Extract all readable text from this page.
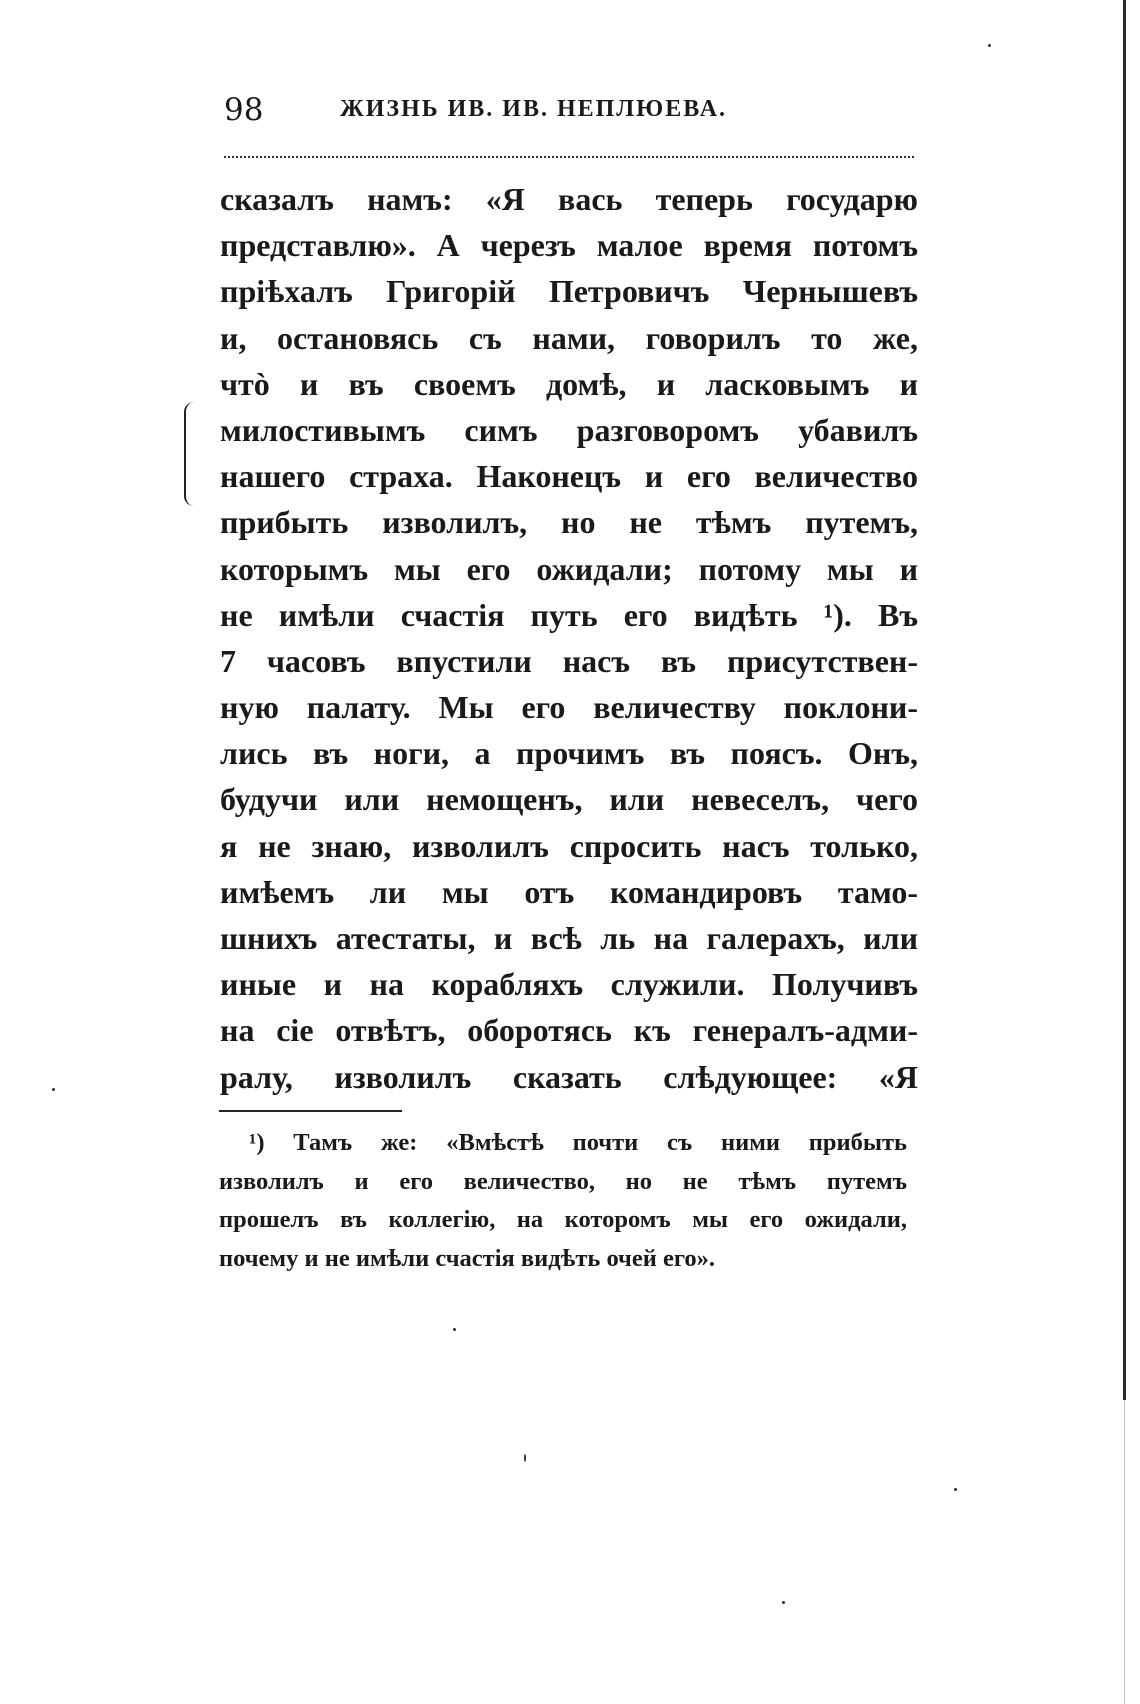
98	ЖИЗНЬ ИВ. ИВ. НЕПЛЮЕВА.
сказалъ намъ: «Я вась теперь государю
представлю». А черезъ малое время потомъ
пріѣхалъ Григорій Петровичъ Чернышевъ
и, остановясь съ нами, говорилъ то же,
чтò и въ своемъ домѣ, и ласковымъ и
милостивымъ симъ разговоромъ убавилъ
нашего страха. Наконецъ и его величество
прибыть изволилъ, но не тѣмъ путемъ,
которымъ мы его ожидали; потому мы и
не имѣли счастія путь его видѣть ¹). Въ
7 часовъ впустили насъ въ присутствен-
ную палату. Мы его величеству поклони-
лись въ ноги, а прочимъ въ поясъ. Онъ,
будучи или немощенъ, или невеселъ, чего
я не знаю, изволилъ спросить насъ только,
имѣемъ ли мы отъ командировъ тамо-
шнихъ атестаты, и всѣ ль на галерахъ, или
иные и на корабляхъ служили. Получивъ
на сіе отвѣтъ, оборотясь къ генералъ-адми-
ралу, изволилъ сказать слѣдующее: «Я
¹) Тамъ же: «Вмѣстѣ почти съ ними прибыть
изволилъ и его величество, но не тѣмъ путемъ
прошелъ въ коллегію, на которомъ мы его ожидали,
почему и не имѣли счастія видѣть очей его».
